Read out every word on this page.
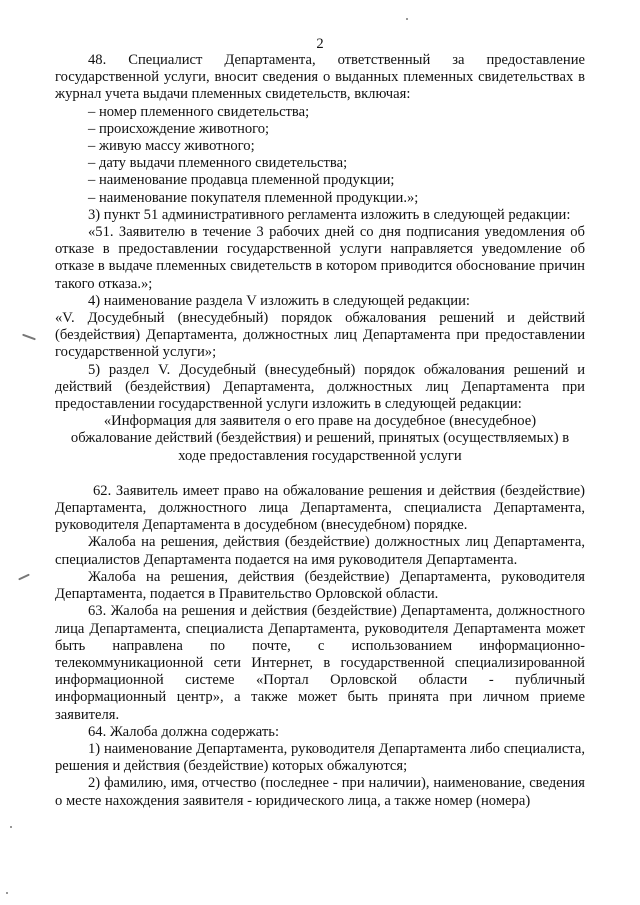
2

48. Специалист Департамента, ответственный за предоставление государственной услуги, вносит сведения о выданных племенных свидетельствах в журнал учета выдачи племенных свидетельств, включая:

– номер племенного свидетельства;

– происхождение животного;

– живую массу животного;

– дату выдачи племенного свидетельства;

– наименование продавца племенной продукции;

– наименование покупателя племенной продукции.»;

3) пункт 51 административного регламента изложить в следующей редакции:

«51. Заявителю в течение 3 рабочих дней со дня подписания уведомления об отказе в предоставлении государственной услуги направляется уведомление об отказе в выдаче племенных свидетельств в котором приводится обоснование причин такого отказа.»;

4) наименование раздела V изложить в следующей редакции:

«V. Досудебный (внесудебный) порядок обжалования решений и действий (бездействия) Департамента, должностных лиц Департамента при предоставлении государственной услуги»;

5) раздел V. Досудебный (внесудебный) порядок обжалования решений и действий (бездействия) Департамента, должностных лиц Департамента при предоставлении государственной услуги изложить в следующей редакции:

«Информация для заявителя о его праве на досудебное (внесудебное) обжалование действий (бездействия) и решений, принятых (осуществляемых) в ходе предоставления государственной услуги

62. Заявитель имеет право на обжалование решения и действия (бездействие) Департамента, должностного лица Департамента, специалиста Департамента, руководителя Департамента в досудебном (внесудебном) порядке.

Жалоба на решения, действия (бездействие) должностных лиц Департамента, специалистов Департамента подается на имя руководителя Департамента.

Жалоба на решения, действия (бездействие) Департамента, руководителя Департамента, подается в Правительство Орловской области.

63. Жалоба на решения и действия (бездействие) Департамента, должностного лица Департамента, специалиста Департамента, руководителя Департамента может быть направлена по почте, с использованием информационно-телекоммуникационной сети Интернет, в государственной специализированной информационной системе «Портал Орловской области - публичный информационный центр», а также может быть принята при личном приеме заявителя.

64. Жалоба должна содержать:

1) наименование Департамента, руководителя Департамента либо специалиста, решения и действия (бездействие) которых обжалуются;

2) фамилию, имя, отчество (последнее - при наличии), наименование, сведения о месте нахождения заявителя - юридического лица, а также номер (номера)
